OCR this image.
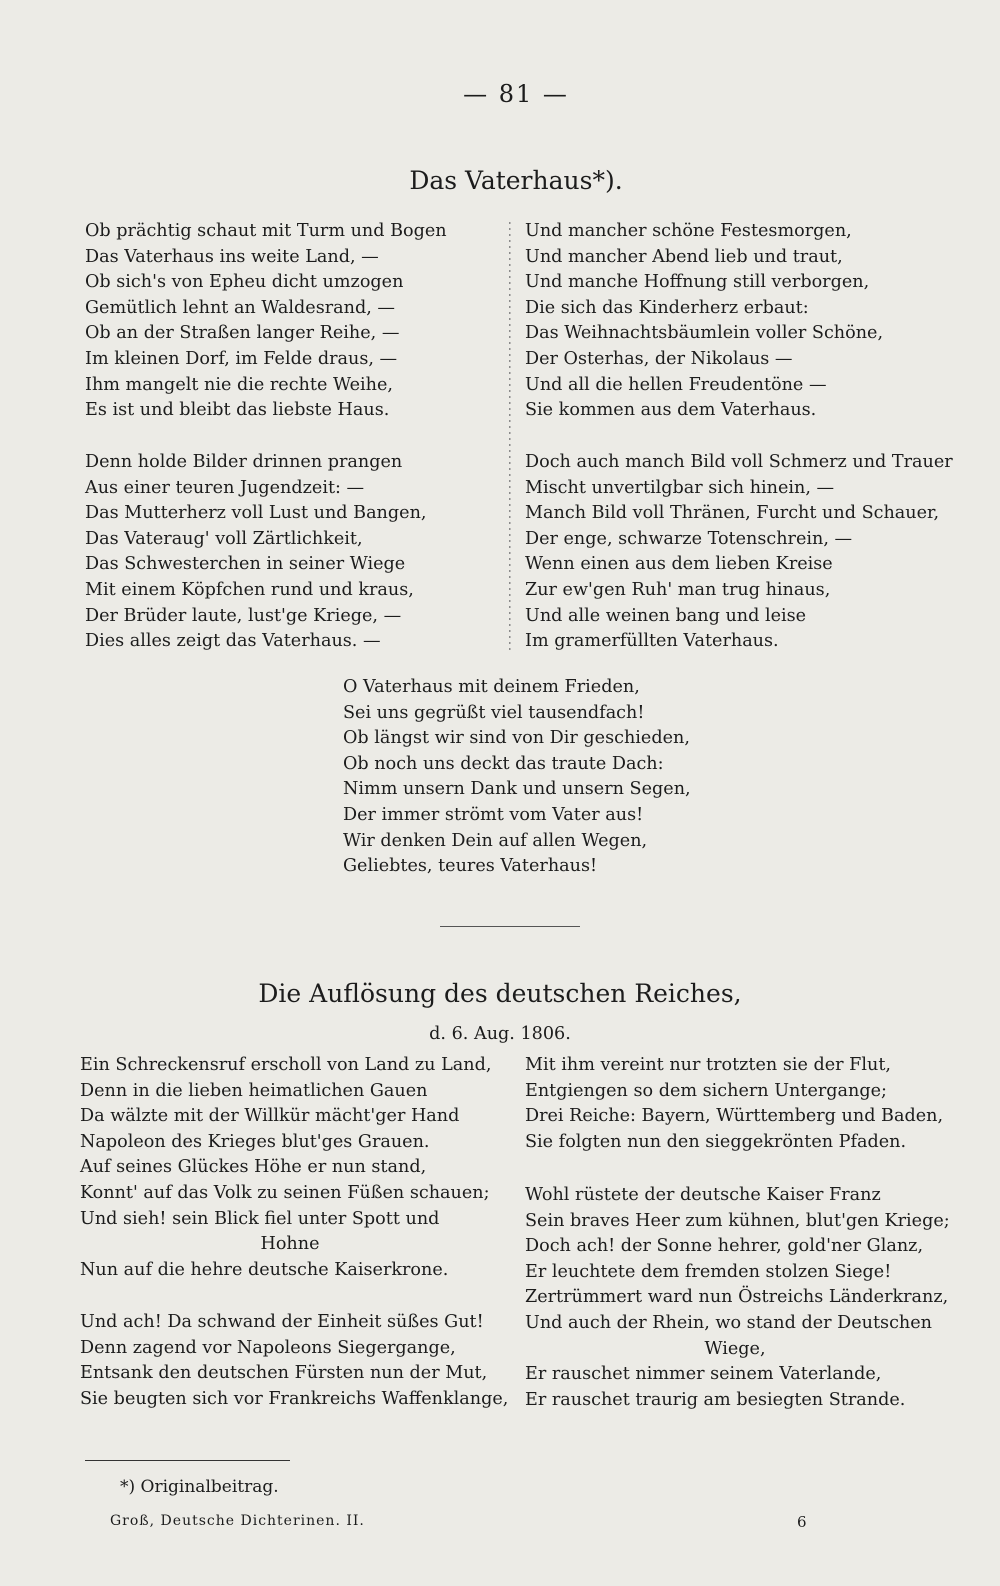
— 81 —
Das Vaterhaus*).
Ob prächtig schaut mit Turm und Bogen
Das Vaterhaus ins weite Land, —
Ob sich's von Epheu dicht umzogen
Gemütlich lehnt an Waldesrand, —
Ob an der Straßen langer Reihe, —
Im kleinen Dorf, im Felde draus, —
Ihm mangelt nie die rechte Weihe,
Es ist und bleibt das liebste Haus.
Und mancher schöne Festesmorgen,
Und mancher Abend lieb und traut,
Und manche Hoffnung still verborgen,
Die sich das Kinderherz erbaut:
Das Weihnachtsbäumlein voller Schöne,
Der Osterhas, der Nikolaus —
Und all die hellen Freudentöne —
Sie kommen aus dem Vaterhaus.
Denn holde Bilder drinnen prangen
Aus einer teuren Jugendzeit: —
Das Mutterherz voll Lust und Bangen,
Das Vateraug' voll Zärtlichkeit,
Das Schwesterchen in seiner Wiege
Mit einem Köpfchen rund und kraus,
Der Brüder laute, lust'ge Kriege, —
Dies alles zeigt das Vaterhaus. —
Doch auch manch Bild voll Schmerz und Trauer
Mischt unvertilgbar sich hinein, —
Manch Bild voll Thränen, Furcht und Schauer,
Der enge, schwarze Totenschrein, —
Wenn einen aus dem lieben Kreise
Zur ew'gen Ruh' man trug hinaus,
Und alle weinen bang und leise
Im gramerfüllten Vaterhaus.
O Vaterhaus mit deinem Frieden,
Sei uns gegrüßt viel tausendfach!
Ob längst wir sind von Dir geschieden,
Ob noch uns deckt das traute Dach:
Nimm unsern Dank und unsern Segen,
Der immer strömt vom Vater aus!
Wir denken Dein auf allen Wegen,
Geliebtes, teures Vaterhaus!
Die Auflösung des deutschen Reiches,
d. 6. Aug. 1806.
Ein Schreckensruf erscholl von Land zu Land,
Denn in die lieben heimatlichen Gauen
Da wälzte mit der Willkür mächt'ger Hand
Napoleon des Krieges blut'ges Grauen.
Auf seines Glückes Höhe er nun stand,
Konnt' auf das Volk zu seinen Füßen schauen;
Und sieh! sein Blick fiel unter Spott und
Hohne
Nun auf die hehre deutsche Kaiserkrone.
Und ach! Da schwand der Einheit süßes Gut!
Denn zagend vor Napoleons Siegergange,
Entsank den deutschen Fürsten nun der Mut,
Sie beugten sich vor Frankreichs Waffenklange,
Mit ihm vereint nur trotzten sie der Flut,
Entgiengen so dem sichern Untergange;
Drei Reiche: Bayern, Württemberg und Baden,
Sie folgten nun den sieggekrönten Pfaden.
Wohl rüstete der deutsche Kaiser Franz
Sein braves Heer zum kühnen, blut'gen Kriege;
Doch ach! der Sonne hehrer, gold'ner Glanz,
Er leuchtete dem fremden stolzen Siege!
Zertrümmert ward nun Östreichs Länderkranz,
Und auch der Rhein, wo stand der Deutschen
Wiege,
Er rauschet nimmer seinem Vaterlande,
Er rauschet traurig am besiegten Strande.
*) Originalbeitrag.
Groß, Deutsche Dichterinen. II.	6
